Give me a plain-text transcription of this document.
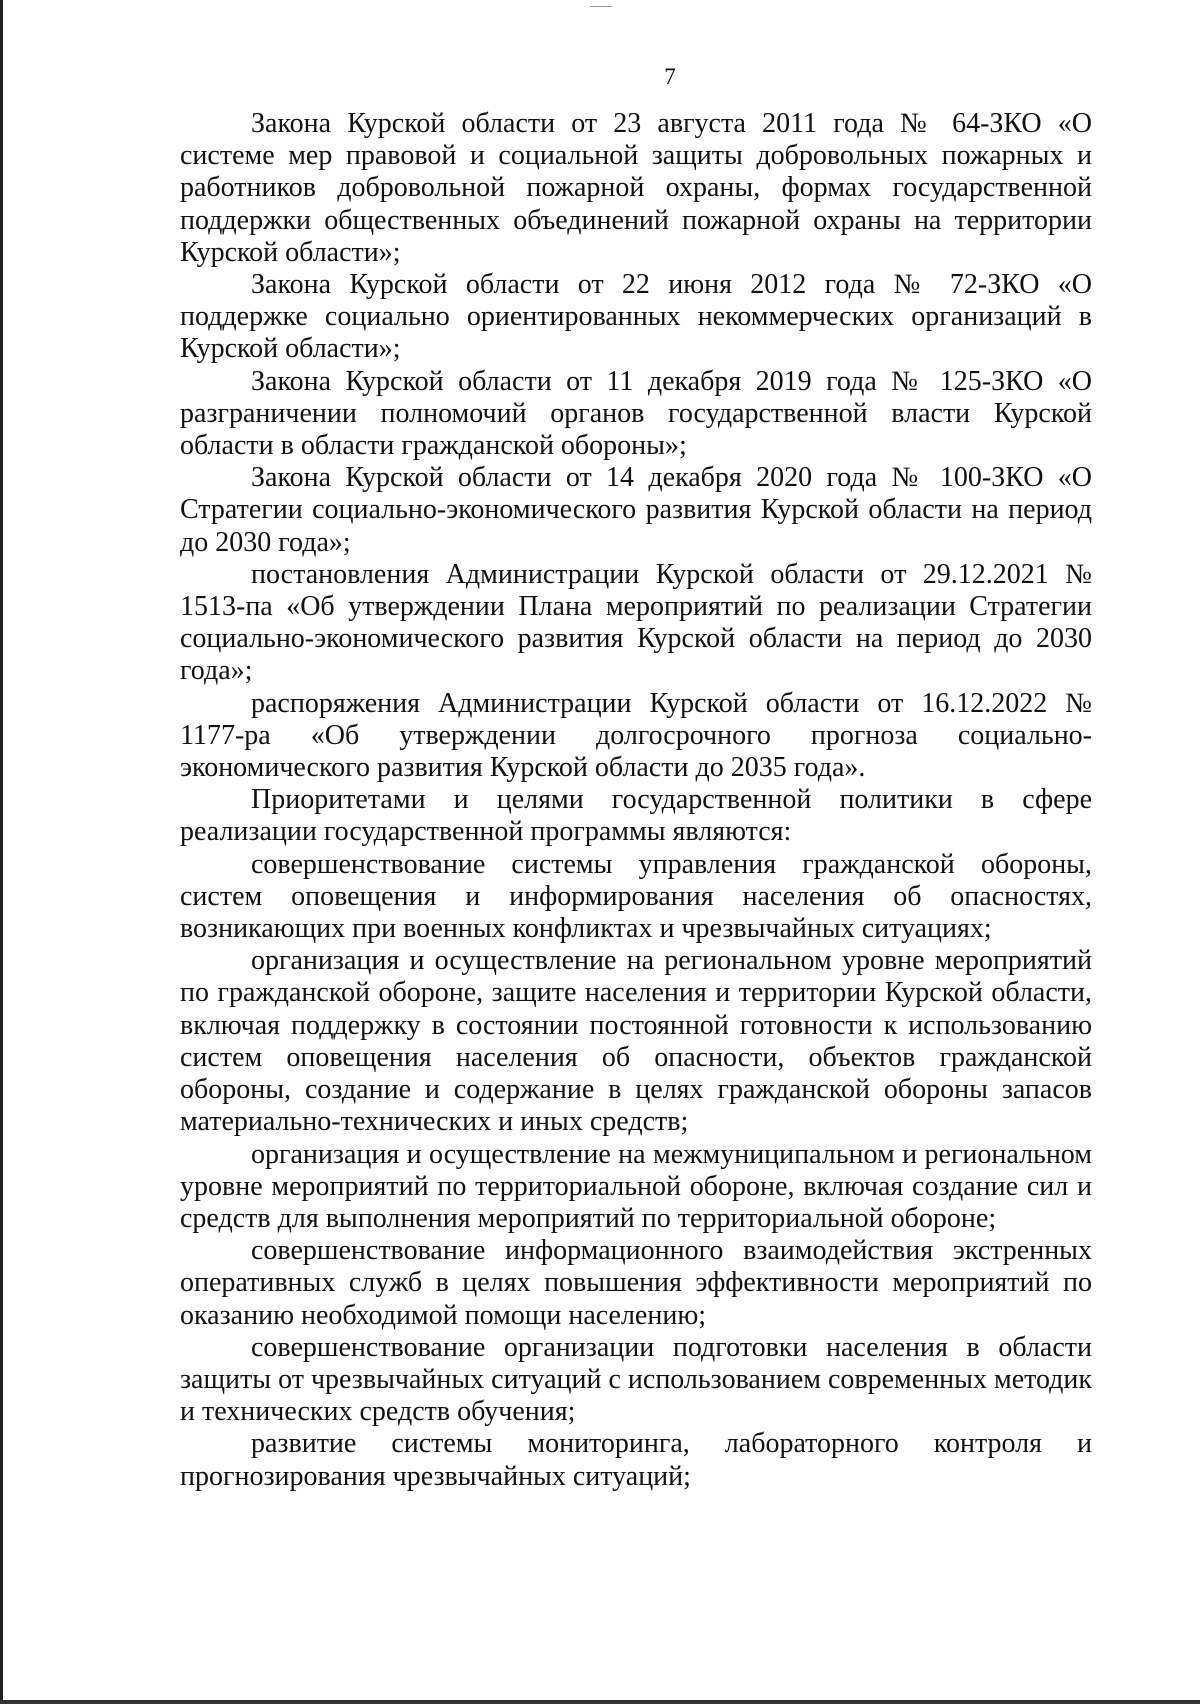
7

Закона Курской области от 23 августа 2011 года № 64-ЗКО «О системе мер правовой и социальной защиты добровольных пожарных и работников добровольной пожарной охраны, формах государственной поддержки общественных объединений пожарной охраны на территории Курской области»;

Закона Курской области от 22 июня 2012 года № 72-ЗКО «О поддержке социально ориентированных некоммерческих организаций в Курской области»;

Закона Курской области от 11 декабря 2019 года № 125-ЗКО «О разграничении полномочий органов государственной власти Курской области в области гражданской обороны»;

Закона Курской области от 14 декабря 2020 года № 100-ЗКО «О Стратегии социально-экономического развития Курской области на период до 2030 года»;

постановления Администрации Курской области от 29.12.2021 № 1513-па «Об утверждении Плана мероприятий по реализации Стратегии социально-экономического развития Курской области на период до 2030 года»;

распоряжения Администрации Курской области от 16.12.2022 № 1177-ра «Об утверждении долгосрочного прогноза социально-экономического развития Курской области до 2035 года».

Приоритетами и целями государственной политики в сфере реализации государственной программы являются:

совершенствование системы управления гражданской обороны, систем оповещения и информирования населения об опасностях, возникающих при военных конфликтах и чрезвычайных ситуациях;

организация и осуществление на региональном уровне мероприятий по гражданской обороне, защите населения и территории Курской области, включая поддержку в состоянии постоянной готовности к использованию систем оповещения населения об опасности, объектов гражданской обороны, создание и содержание в целях гражданской обороны запасов материально-технических и иных средств;

организация и осуществление на межмуниципальном и региональном уровне мероприятий по территориальной обороне, включая создание сил и средств для выполнения мероприятий по территориальной обороне;

совершенствование информационного взаимодействия экстренных оперативных служб в целях повышения эффективности мероприятий по оказанию необходимой помощи населению;

совершенствование организации подготовки населения в области защиты от чрезвычайных ситуаций с использованием современных методик и технических средств обучения;

развитие системы мониторинга, лабораторного контроля и прогнозирования чрезвычайных ситуаций;
